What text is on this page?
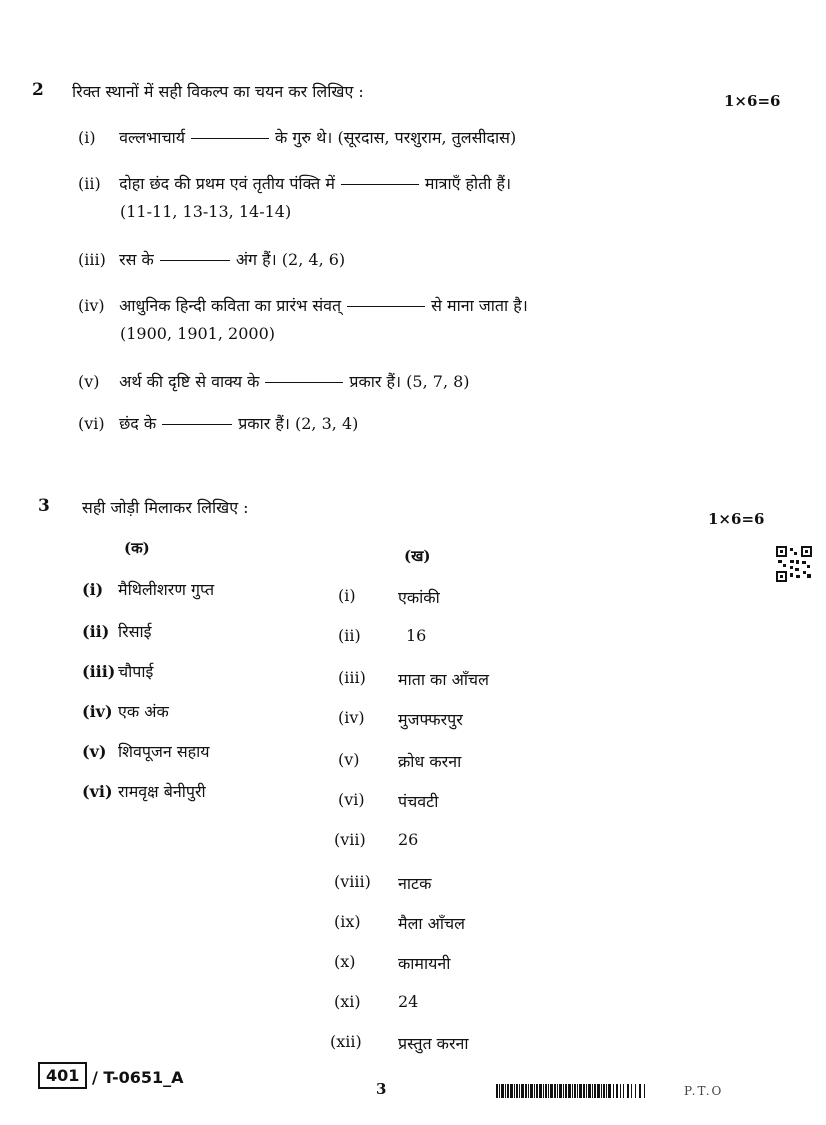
2 रिक्त स्थानों में सही विकल्प का चयन कर लिखिए :	1×6=6
(i) वल्लभाचार्य	के गुरु थे। (सूरदास, परशुराम, तुलसीदास)
(ii) दोहा छंद की प्रथम एवं तृतीय पंक्ति में	मात्राएँ होती हैं।
(11-11, 13-13, 14-14)
(iii) रस के	अंग हैं। (2, 4, 6)
(iv) आधुनिक हिन्दी कविता का प्रारंभ संवत्	से माना जाता है।
(1900, 1901, 2000)
(v) अर्थ की दृष्टि से वाक्य के	प्रकार हैं। (5, 7, 8)
(vi) छंद के	प्रकार हैं। (2, 3, 4)
3 सही जोड़ी मिलाकर लिखिए :
1×6=6
(क)	(ख)
(i) मैथिलीशरण गुप्त
(ii) रिसाई
(iii) चौपाई
(iv) एक अंक
(v) शिवपूजन सहाय
(vi) रामवृक्ष बेनीपुरी
(i)	एकांकी
(ii)	16
(iii) माता का आँचल
(iv) मुजफ्फरपुर
(v) क्रोध करना
(vi) पंचवटी
(vii) 26
(viii) नाटक
(ix) मैला आँचल
(x)	कामायनी
(xi) 24
(xii) प्रस्तुत करना
401 / T-0651_A
3	P.T.O
